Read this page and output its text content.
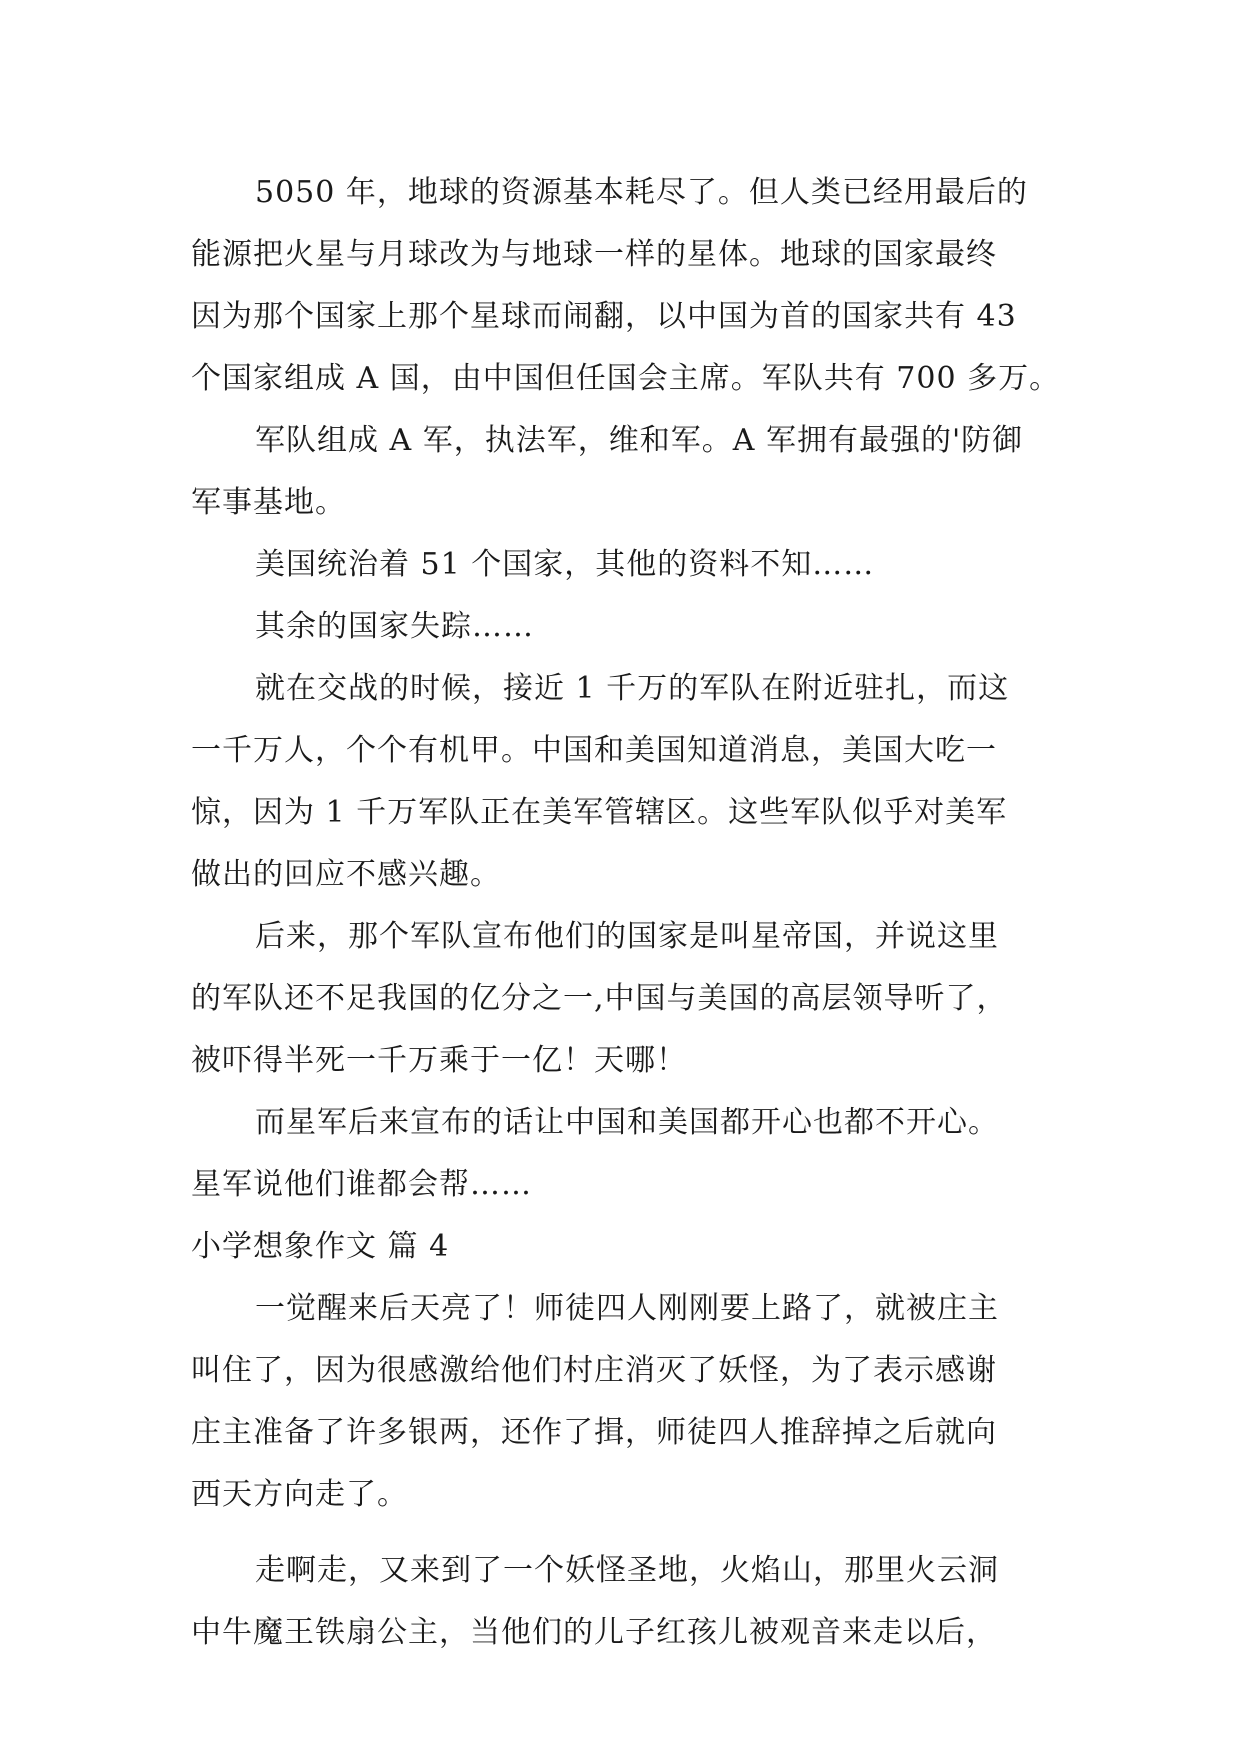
5050 年，地球的资源基本耗尽了。但人类已经用最后的
能源把火星与月球改为与地球一样的星体。地球的国家最终
因为那个国家上那个星球而闹翻，以中国为首的国家共有 43
个国家组成 A 国，由中国但任国会主席。军队共有 700 多万。
军队组成 A 军，执法军，维和军。A 军拥有最强的'防御
军事基地。
美国统治着 51 个国家，其他的资料不知……
其余的国家失踪……
就在交战的时候，接近 1 千万的军队在附近驻扎，而这
一千万人，个个有机甲。中国和美国知道消息，美国大吃一
惊，因为 1 千万军队正在美军管辖区。这些军队似乎对美军
做出的回应不感兴趣。
后来，那个军队宣布他们的国家是叫星帝国，并说这里
的军队还不足我国的亿分之一,中国与美国的高层领导听了，
被吓得半死一千万乘于一亿！天哪！
而星军后来宣布的话让中国和美国都开心也都不开心。
星军说他们谁都会帮……
小学想象作文 篇 4
一觉醒来后天亮了！师徒四人刚刚要上路了，就被庄主
叫住了，因为很感激给他们村庄消灭了妖怪，为了表示感谢
庄主准备了许多银两，还作了揖，师徒四人推辞掉之后就向
西天方向走了。
走啊走，又来到了一个妖怪圣地，火焰山，那里火云洞
中牛魔王铁扇公主，当他们的儿子红孩儿被观音来走以后，
